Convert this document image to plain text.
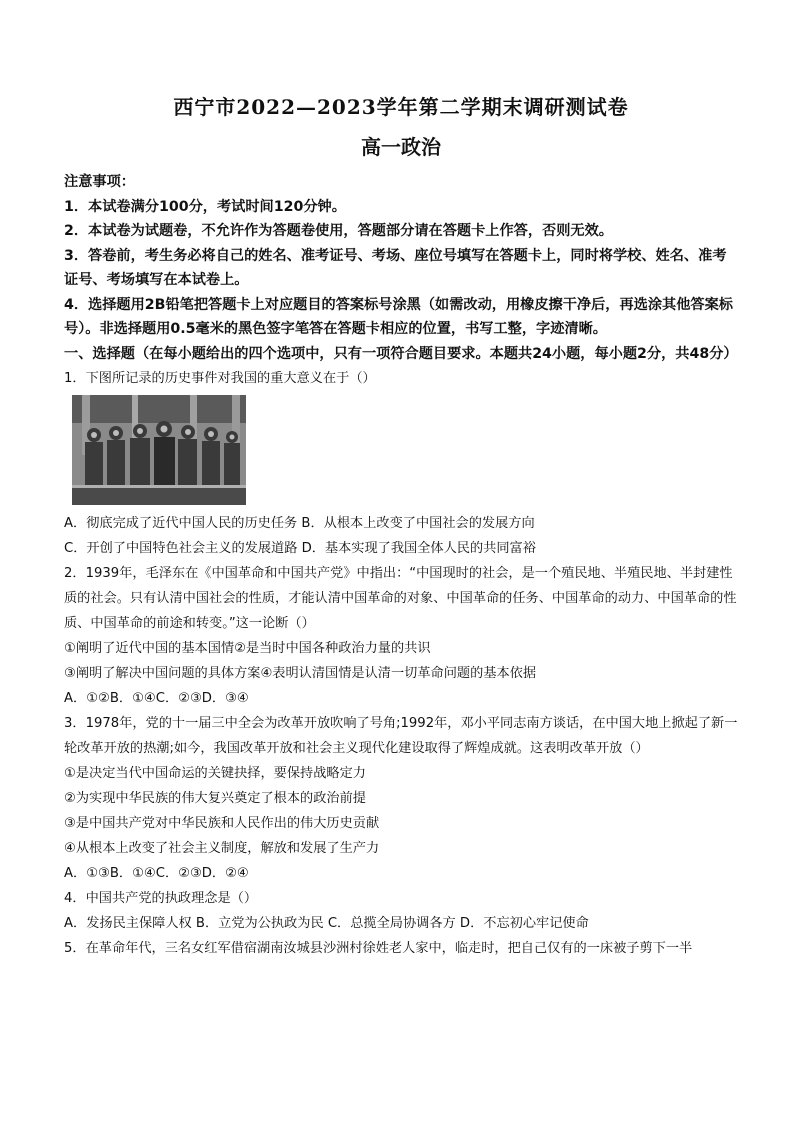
西宁市2022—2023学年第二学期末调研测试卷
高一政治

注意事项：

1．本试卷满分100分，考试时间120分钟。

2．本试卷为试题卷，不允许作为答题卷使用，答题部分请在答题卡上作答，否则无效。

3．答卷前，考生务必将自己的姓名、准考证号、考场、座位号填写在答题卡上，同时将学校、姓名、准考证号、考场填写在本试卷上。

4．选择题用2B铅笔把答题卡上对应题目的答案标号涂黑（如需改动，用橡皮擦干净后，再选涂其他答案标号）。非选择题用0.5毫米的黑色签字笔答在答题卡相应的位置，书写工整，字迹清晰。

一、选择题（在每小题给出的四个选项中，只有一项符合题目要求。本题共24小题，每小题2分，共48分）

1．下图所记录的历史事件对我国的重大意义在于（）

A．彻底完成了近代中国人民的历史任务 B．从根本上改变了中国社会的发展方向

C．开创了中国特色社会主义的发展道路 D．基本实现了我国全体人民的共同富裕

2．1939年，毛泽东在《中国革命和中国共产党》中指出：“中国现时的社会，是一个殖民地、半殖民地、半封建性质的社会。只有认清中国社会的性质，才能认清中国革命的对象、中国革命的任务、中国革命的动力、中国革命的性质、中国革命的前途和转变。”这一论断（）

①阐明了近代中国的基本国情②是当时中国各种政治力量的共识

③阐明了解决中国问题的具体方案④表明认清国情是认清一切革命问题的基本依据

A．①②B．①④C．②③D．③④

3．1978年，党的十一届三中全会为改革开放吹响了号角;1992年，邓小平同志南方谈话，在中国大地上掀起了新一轮改革开放的热潮;如今，我国改革开放和社会主义现代化建设取得了辉煌成就。这表明改革开放（）

①是决定当代中国命运的关键抉择，要保持战略定力

②为实现中华民族的伟大复兴奠定了根本的政治前提

③是中国共产党对中华民族和人民作出的伟大历史贡献

④从根本上改变了社会主义制度，解放和发展了生产力

A．①③B．①④C．②③D．②④

4．中国共产党的执政理念是（）

A．发扬民主保障人权 B．立党为公执政为民 C．总揽全局协调各方 D．不忘初心牢记使命

5．在革命年代，三名女红军借宿湖南汝城县沙洲村徐姓老人家中，临走时，把自己仅有的一床被子剪下一半
